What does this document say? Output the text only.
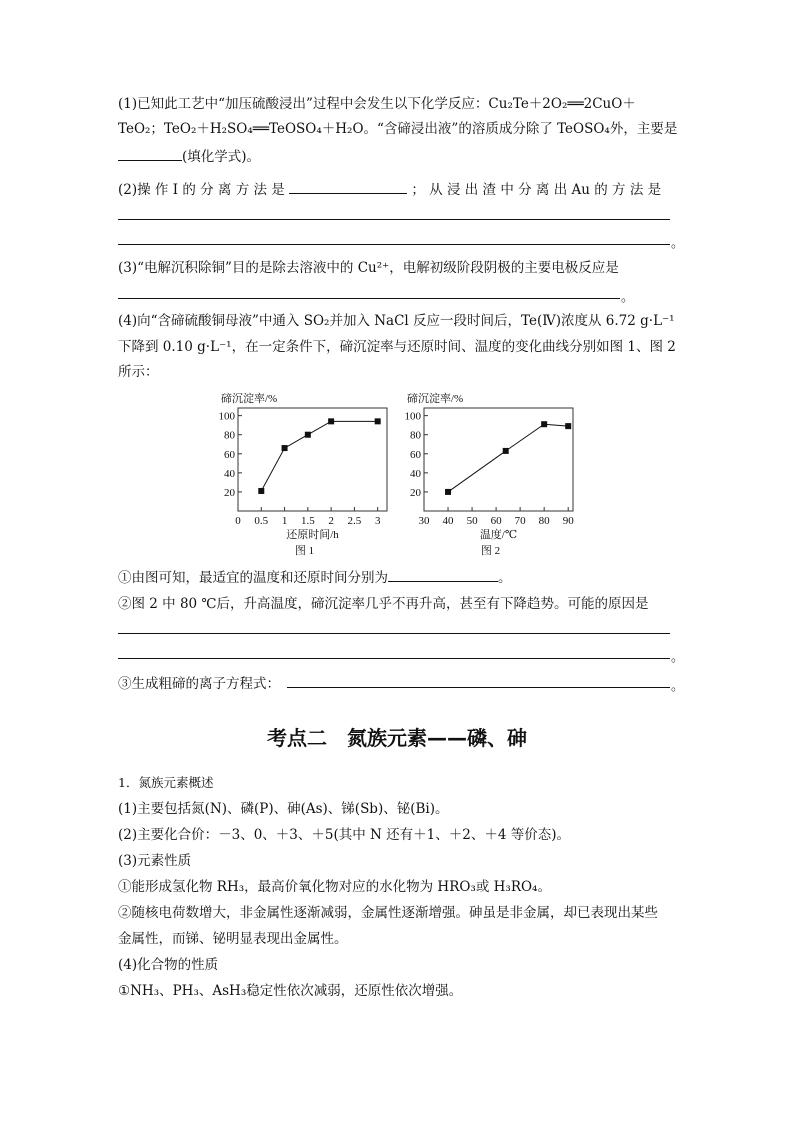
(1)已知此工艺中“加压硫酸浸出”过程中会发生以下化学反应：Cu₂Te＋2O₂══2CuO＋
TeO₂；TeO₂＋H₂SO₄══TeOSO₄＋H₂O。“含碲浸出液”的溶质成分除了 TeOSO₄外，主要是
(填化学式)。
(2)操 作 Ⅰ 的 分 离 方 法 是	； 从 浸 出 渣 中 分 离 出 Au 的 方 法 是
。
(3)“电解沉积除铜”目的是除去溶液中的 Cu²⁺，电解初级阶段阴极的主要电极反应是
。
(4)向“含碲硫酸铜母液”中通入 SO₂并加入 NaCl 反应一段时间后，Te(Ⅳ)浓度从 6.72 g·L⁻¹
下降到 0.10 g·L⁻¹，在一定条件下，碲沉淀率与还原时间、温度的变化曲线分别如图 1、图 2
所示：
碲沉淀率/%
20
40
60
80
100
0 0.5 1 1.5 2 2.5 3
还原时间/h
图 1
碲沉淀率/%
20
40
60
80
100
30 40 50 60 70 80 90
温度/℃
图 2
①由图可知，最适宜的温度和还原时间分别为	。
②图 2 中 80 ℃后，升高温度，碲沉淀率几乎不再升高，甚至有下降趋势。可能的原因是
。
③生成粗碲的离子方程式：	。
考点二　氮族元素——磷、砷
1．氮族元素概述
(1)主要包括氮(N)、磷(P)、砷(As)、锑(Sb)、铋(Bi)。
(2)主要化合价：－3、0、＋3、＋5(其中 N 还有＋1、＋2、＋4 等价态)。
(3)元素性质
①能形成氢化物 RH₃，最高价氧化物对应的水化物为 HRO₃或 H₃RO₄。
②随核电荷数增大，非金属性逐渐减弱，金属性逐渐增强。砷虽是非金属，却已表现出某些
金属性，而锑、铋明显表现出金属性。
(4)化合物的性质
①NH₃、PH₃、AsH₃稳定性依次减弱，还原性依次增强。
